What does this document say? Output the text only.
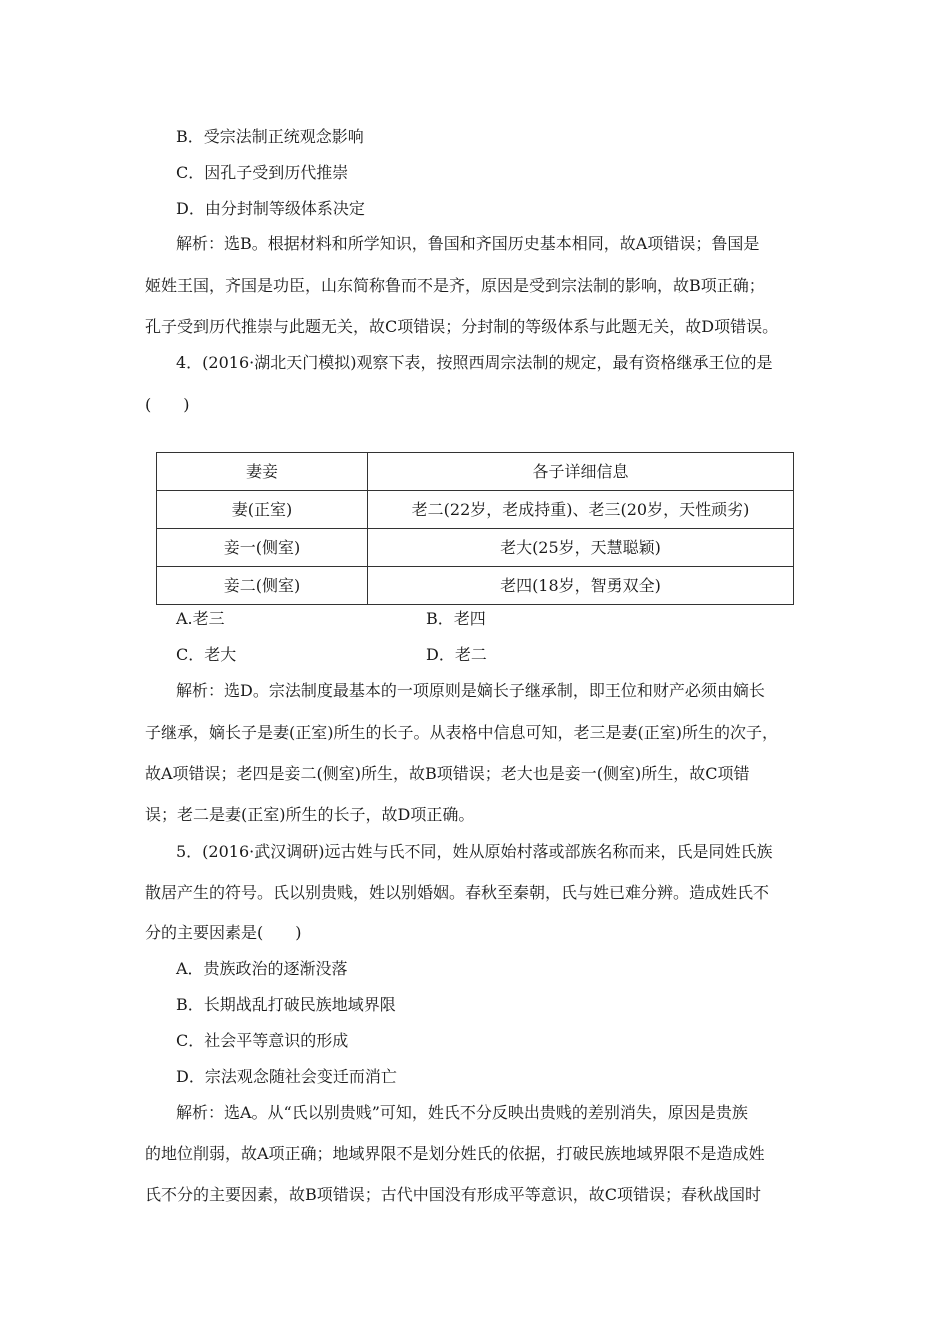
B．受宗法制正统观念影响
C．因孔子受到历代推崇
D．由分封制等级体系决定
解析：选B。根据材料和所学知识，鲁国和齐国历史基本相同，故A项错误；鲁国是
姬姓王国，齐国是功臣，山东简称鲁而不是齐，原因是受到宗法制的影响，故B项正确；
孔子受到历代推崇与此题无关，故C项错误；分封制的等级体系与此题无关，故D项错误。
4．(2016·湖北天门模拟)观察下表，按照西周宗法制的规定，最有资格继承王位的是
(　　)
妻妾	各子详细信息
妻(正室)	老二(22岁，老成持重)、老三(20岁，天性顽劣)
妾一(侧室)	老大(25岁，天慧聪颖)
妾二(侧室)	老四(18岁，智勇双全)
A.老三	B．老四
C．老大	D．老二
解析：选D。宗法制度最基本的一项原则是嫡长子继承制，即王位和财产必须由嫡长
子继承，嫡长子是妻(正室)所生的长子。从表格中信息可知，老三是妻(正室)所生的次子，
故A项错误；老四是妾二(侧室)所生，故B项错误；老大也是妾一(侧室)所生，故C项错
误；老二是妻(正室)所生的长子，故D项正确。
5．(2016·武汉调研)远古姓与氏不同，姓从原始村落或部族名称而来，氏是同姓氏族
散居产生的符号。氏以别贵贱，姓以别婚姻。春秋至秦朝，氏与姓已难分辨。造成姓氏不
分的主要因素是(　　)
A．贵族政治的逐渐没落
B．长期战乱打破民族地域界限
C．社会平等意识的形成
D．宗法观念随社会变迁而消亡
解析：选A。从“氏以别贵贱”可知，姓氏不分反映出贵贱的差别消失，原因是贵族
的地位削弱，故A项正确；地域界限不是划分姓氏的依据，打破民族地域界限不是造成姓
氏不分的主要因素，故B项错误；古代中国没有形成平等意识，故C项错误；春秋战国时
